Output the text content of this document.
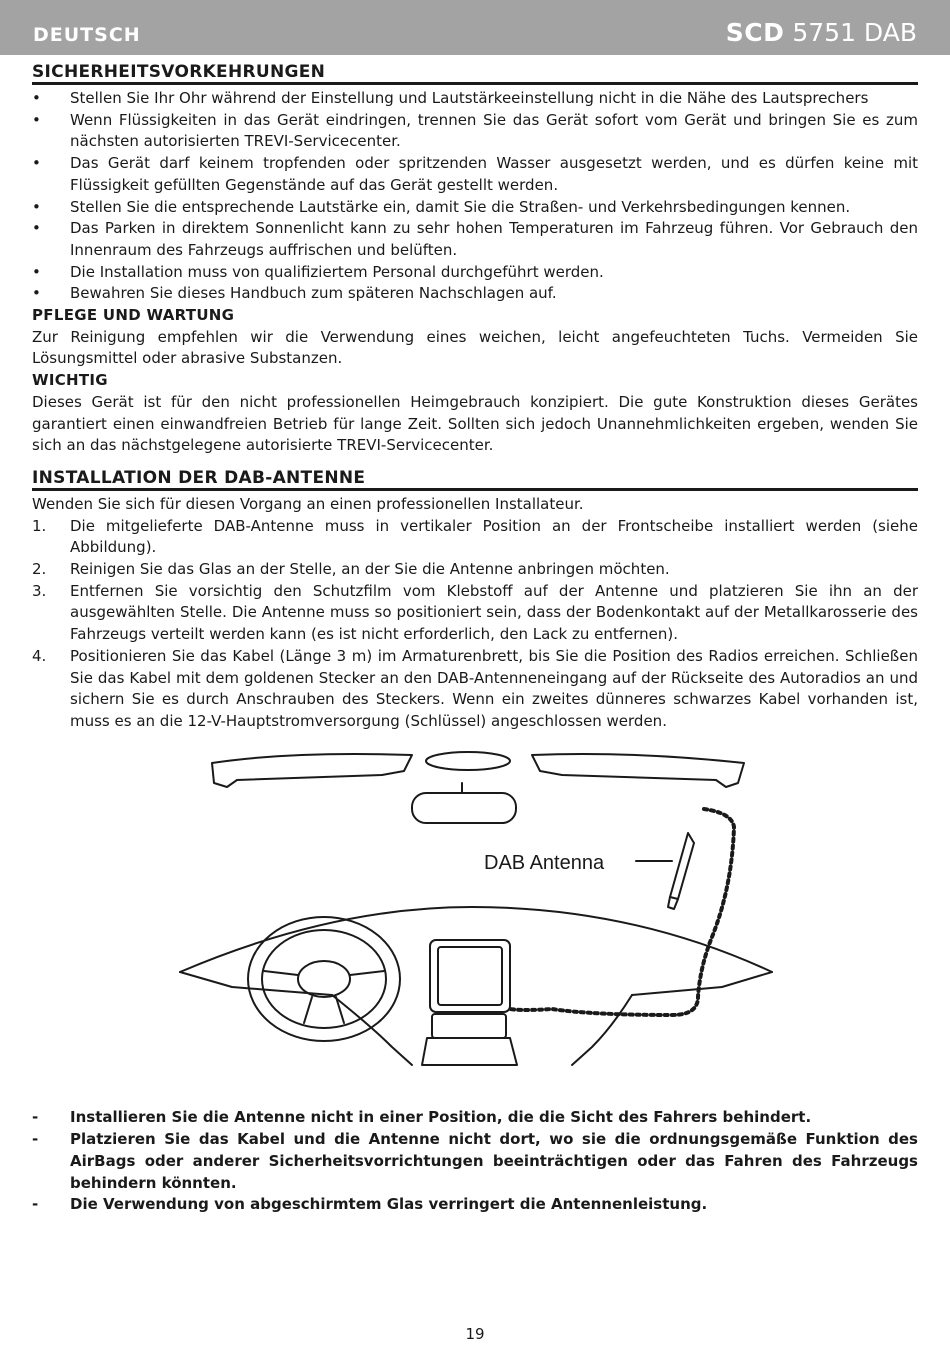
DEUTSCH	SCD 5751 DAB
SICHERHEITSVORKEHRUNGEN
• Stellen Sie Ihr Ohr während der Einstellung und Lautstärkeeinstellung nicht in die Nähe des Lautsprechers
• Wenn Flüssigkeiten in das Gerät eindringen, trennen Sie das Gerät sofort vom Gerät und bringen Sie es zum nächsten autorisierten TREVI-Servicecenter.
• Das Gerät darf keinem tropfenden oder spritzenden Wasser ausgesetzt werden, und es dürfen keine mit Flüssigkeit gefüllten Gegenstände auf das Gerät gestellt werden.
• Stellen Sie die entsprechende Lautstärke ein, damit Sie die Straßen- und Verkehrsbedingungen kennen.
• Das Parken in direktem Sonnenlicht kann zu sehr hohen Temperaturen im Fahrzeug führen. Vor Gebrauch den Innenraum des Fahrzeugs auffrischen und belüften.
• Die Installation muss von qualifiziertem Personal durchgeführt werden.
• Bewahren Sie dieses Handbuch zum späteren Nachschlagen auf.
PFLEGE UND WARTUNG

Zur Reinigung empfehlen wir die Verwendung eines weichen, leicht angefeuchteten Tuchs. Vermeiden Sie Lösungsmittel oder abrasive Substanzen.

WICHTIG

Dieses Gerät ist für den nicht professionellen Heimgebrauch konzipiert. Die gute Konstruktion dieses Gerätes garantiert einen einwandfreien Betrieb für lange Zeit. Sollten sich jedoch Unannehmlichkeiten ergeben, wenden Sie sich an das nächstgelegene autorisierte TREVI-Servicecenter.

INSTALLATION DER DAB-ANTENNE

Wenden Sie sich für diesen Vorgang an einen professionellen Installateur.

1. Die mitgelieferte DAB-Antenne muss in vertikaler Position an der Frontscheibe installiert werden (siehe Abbildung).
2. Reinigen Sie das Glas an der Stelle, an der Sie die Antenne anbringen möchten.
3. Entfernen Sie vorsichtig den Schutzfilm vom Klebstoff auf der Antenne und platzieren Sie ihn an der ausgewählten Stelle. Die Antenne muss so positioniert sein, dass der Bodenkontakt auf der Metallkarosserie des Fahrzeugs verteilt werden kann (es ist nicht erforderlich, den Lack zu entfernen).
4. Positionieren Sie das Kabel (Länge 3 m) im Armaturenbrett, bis Sie die Position des Radios erreichen. Schließen Sie das Kabel mit dem goldenen Stecker an den DAB-Antenneneingang auf der Rückseite des Autoradios an und sichern Sie es durch Anschrauben des Steckers. Wenn ein zweites dünneres schwarzes Kabel vorhanden ist, muss es an die 12-V-Hauptstromversorgung (Schlüssel) angeschlossen werden.
DAB Antenna
- Installieren Sie die Antenne nicht in einer Position, die die Sicht des Fahrers behindert.
- Platzieren Sie das Kabel und die Antenne nicht dort, wo sie die ordnungsgemäße Funktion des AirBags oder anderer Sicherheitsvorrichtungen beeinträchtigen oder das Fahren des Fahrzeugs behindern könnten.
- Die Verwendung von abgeschirmtem Glas verringert die Antennenleistung.
19
